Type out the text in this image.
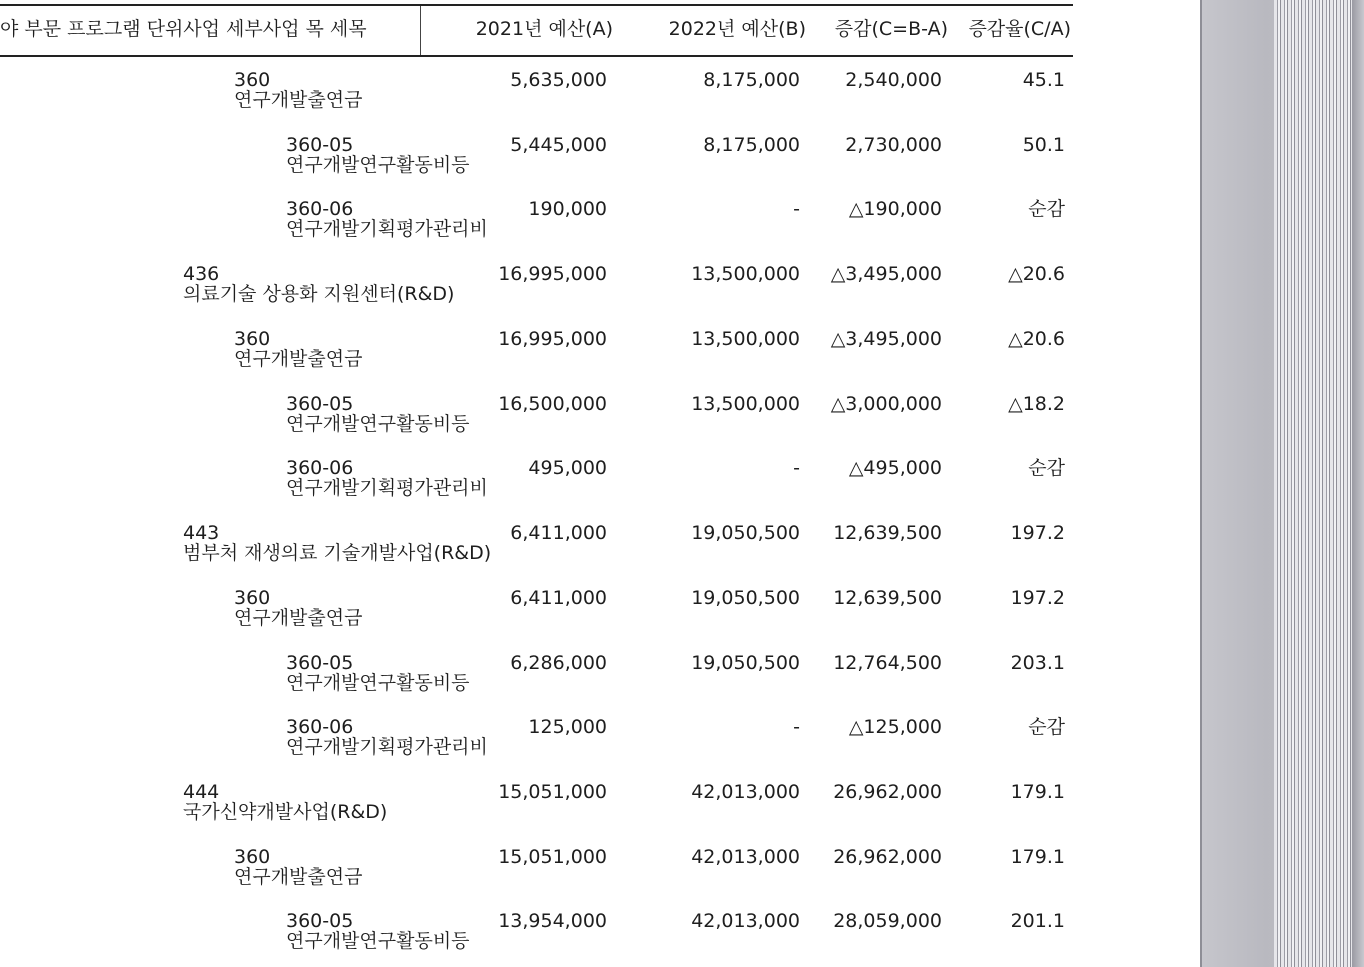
야 부문 프로그램 단위사업 세부사업 목 세목	2021년 예산(A)	2022년 예산(B)	증감(C=B-A)	증감율(C/A)
360
연구개발출연금
5,635,000	8,175,000	2,540,000	45.1
360-05
연구개발연구활동비등
5,445,000	8,175,000	2,730,000	50.1
360-06
연구개발기획평가관리비
190,000	-	△190,000	순감
436
의료기술 상용화 지원센터(R&D)
16,995,000	13,500,000	△3,495,000	△20.6
360
연구개발출연금
16,995,000	13,500,000	△3,495,000	△20.6
360-05
연구개발연구활동비등
16,500,000	13,500,000	△3,000,000	△18.2
360-06
연구개발기획평가관리비
495,000	-	△495,000	순감
443
범부처 재생의료 기술개발사업(R&D)
6,411,000	19,050,500	12,639,500	197.2
360
연구개발출연금
6,411,000	19,050,500	12,639,500	197.2
360-05
연구개발연구활동비등
6,286,000	19,050,500	12,764,500	203.1
360-06
연구개발기획평가관리비
125,000	-	△125,000	순감
444
국가신약개발사업(R&D)
15,051,000	42,013,000	26,962,000	179.1
360
연구개발출연금
15,051,000	42,013,000	26,962,000	179.1
360-05
연구개발연구활동비등
13,954,000	42,013,000	28,059,000	201.1
